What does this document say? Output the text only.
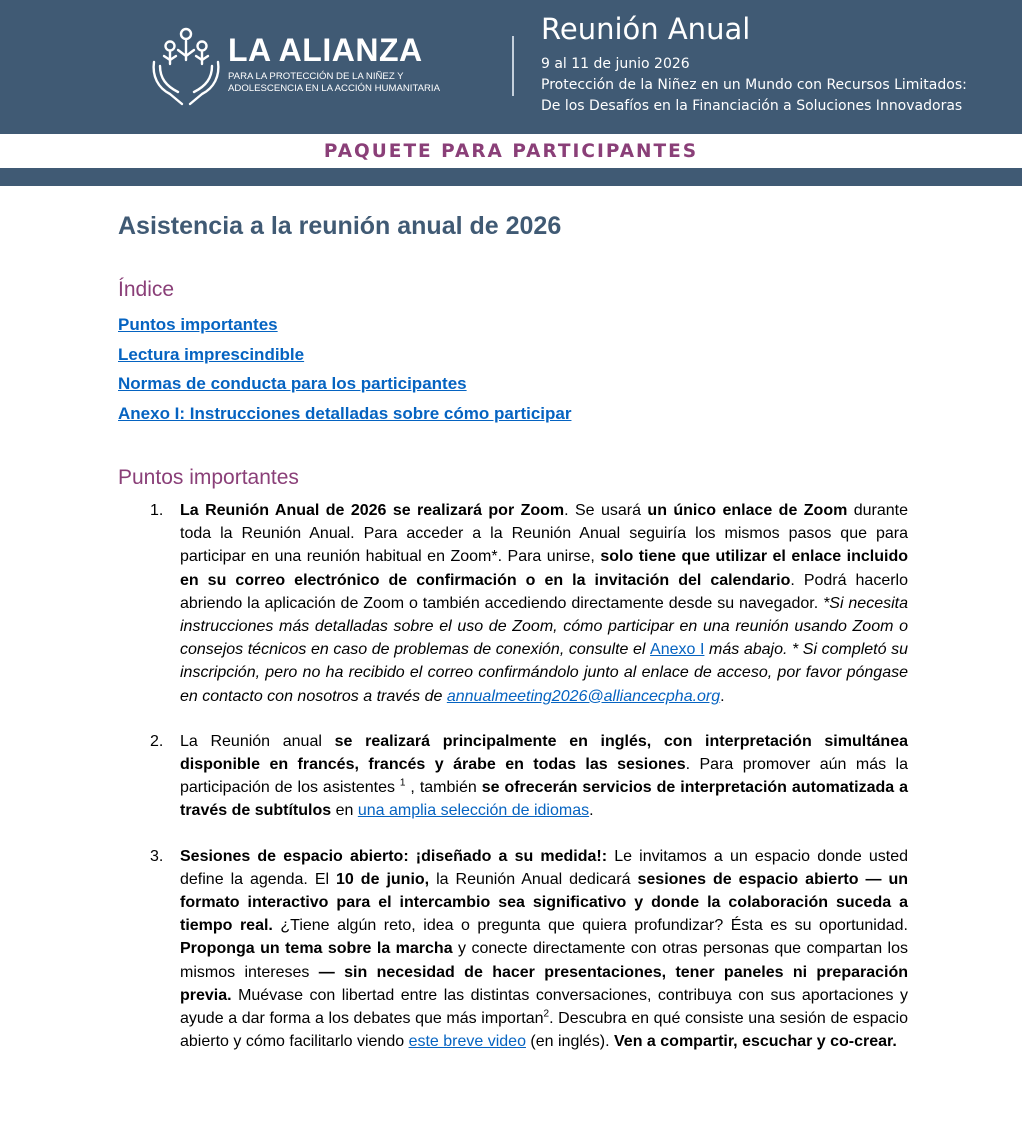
LA ALIANZA
PARA LA PROTECCIÓN DE LA NIÑEZ Y
ADOLESCENCIA EN LA ACCIÓN HUMANITARIA
Reunión Anual
9 al 11 de junio 2026
Protección de la Niñez en un Mundo con Recursos Limitados:
De los Desafíos en la Financiación a Soluciones Innovadoras
PAQUETE PARA PARTICIPANTES
Asistencia a la reunión anual de 2026
Índice
Puntos importantes
Lectura imprescindible
Normas de conducta para los participantes
Anexo I: Instrucciones detalladas sobre cómo participar
Puntos importantes
1. La Reunión Anual de 2026 se realizará por Zoom. Se usará un único enlace de Zoom durante toda la Reunión Anual. Para acceder a la Reunión Anual seguiría los mismos pasos que para participar en una reunión habitual en Zoom*. Para unirse, solo tiene que utilizar el enlace incluido en su correo electrónico de confirmación o en la invitación del calendario. Podrá hacerlo abriendo la aplicación de Zoom o también accediendo directamente desde su navegador. *Si necesita instrucciones más detalladas sobre el uso de Zoom, cómo participar en una reunión usando Zoom o consejos técnicos en caso de problemas de conexión, consulte el Anexo I más abajo. * Si completó su inscripción, pero no ha recibido el correo confirmándolo junto al enlace de acceso, por favor póngase en contacto con nosotros a través de annualmeeting2026@alliancecpha.org.
2. La Reunión anual se realizará principalmente en inglés, con interpretación simultánea disponible en francés, francés y árabe en todas las sesiones. Para promover aún más la participación de los asistentes $^1$ , también se ofrecerán servicios de interpretación automatizada a través de subtítulos en una amplia selección de idiomas.
3. Sesiones de espacio abierto: ¡diseñado a su medida!: Le invitamos a un espacio donde usted define la agenda. El 10 de junio, la Reunión Anual dedicará sesiones de espacio abierto — un formato interactivo para el intercambio sea significativo y donde la colaboración suceda a tiempo real. ¿Tiene algún reto, idea o pregunta que quiera profundizar? Ésta es su oportunidad. Proponga un tema sobre la marcha y conecte directamente con otras personas que compartan los mismos intereses — sin necesidad de hacer presentaciones, tener paneles ni preparación previa. Muévase con libertad entre las distintas conversaciones, contribuya con sus aportaciones y ayude a dar forma a los debates que más importan$^2$. Descubra en qué consiste una sesión de espacio abierto y cómo facilitarlo viendo este breve video (en inglés). Ven a compartir, escuchar y co-crear.
